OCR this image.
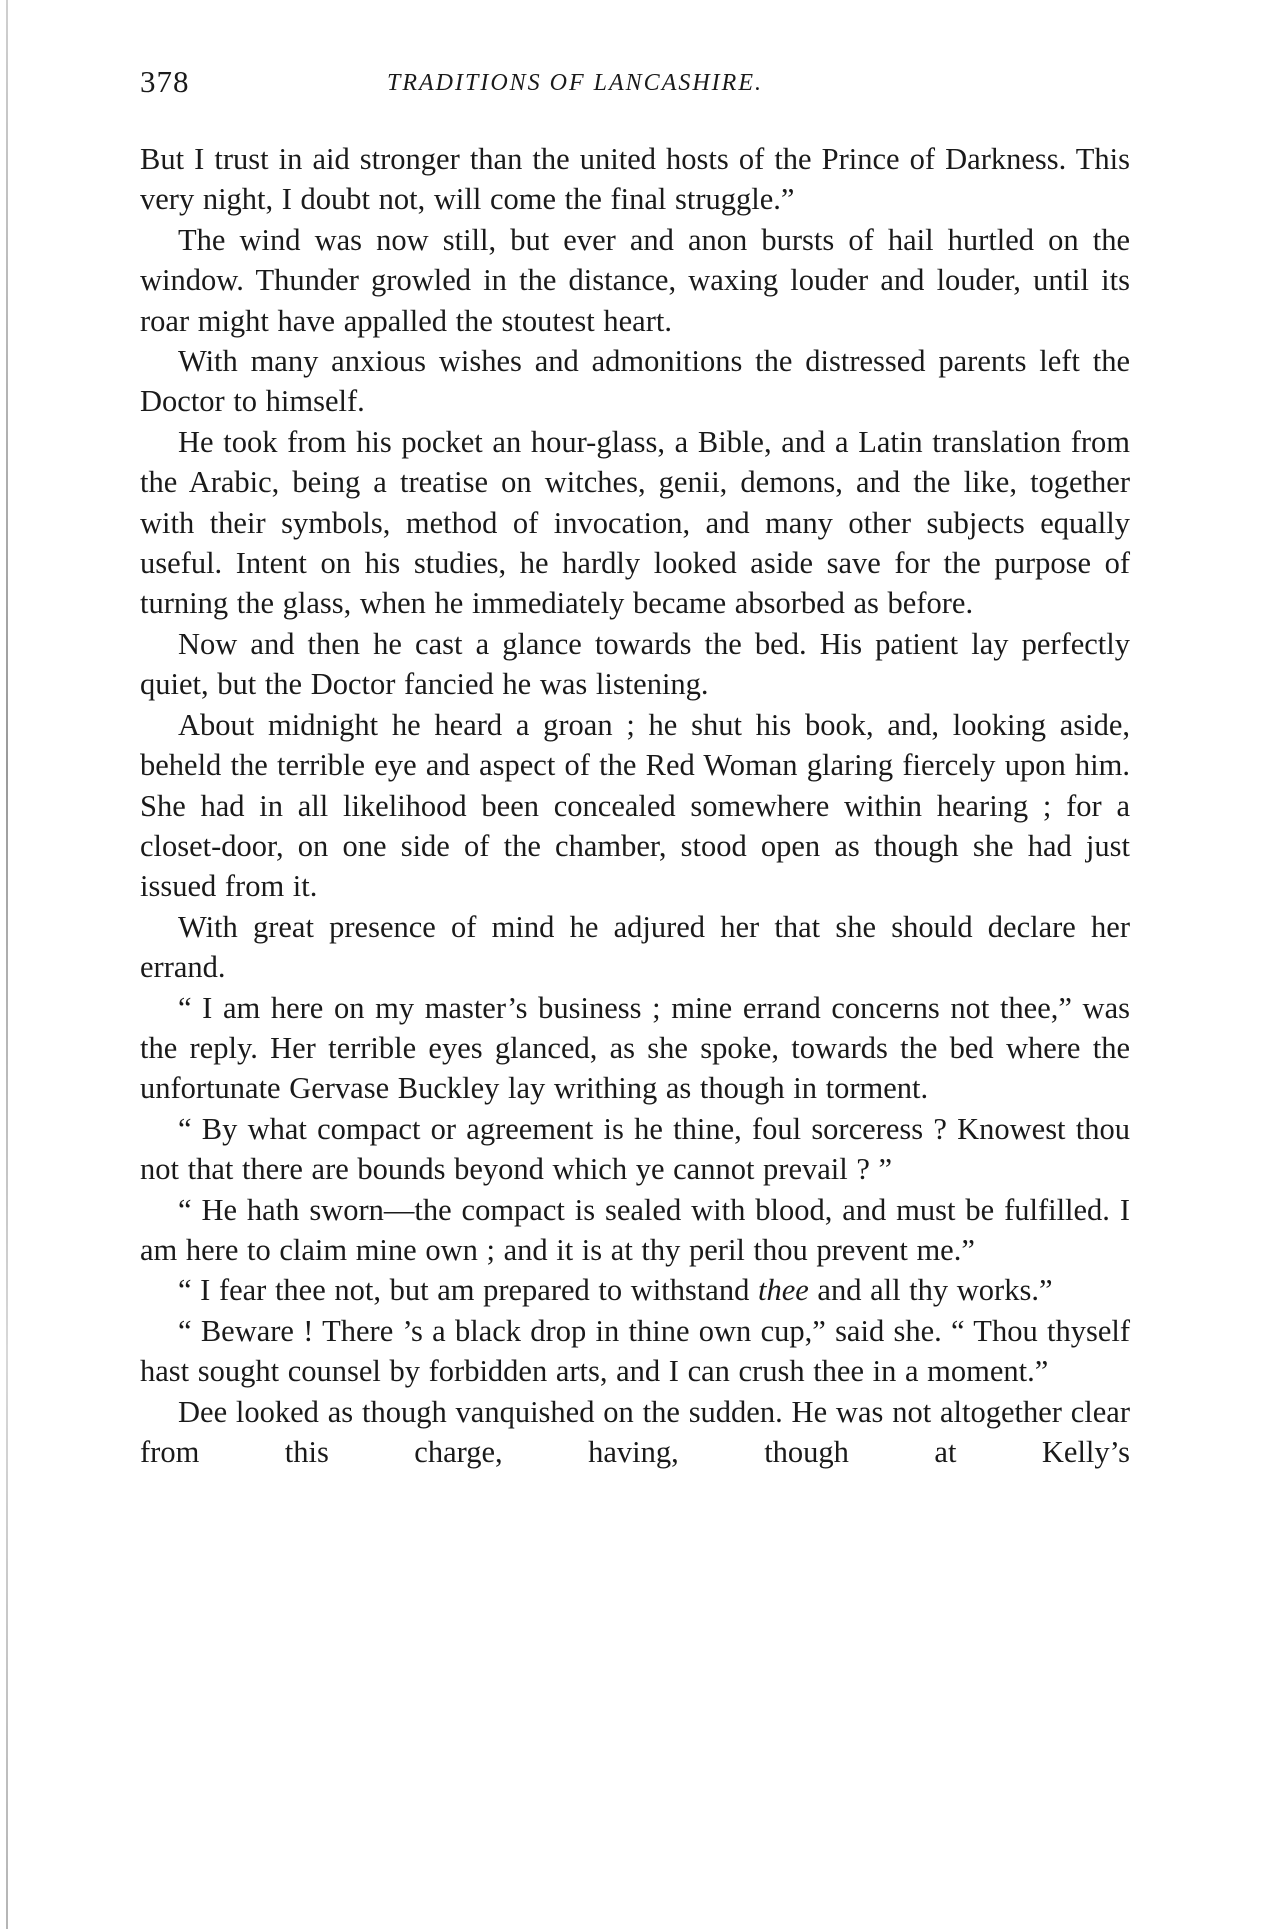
378	TRADITIONS OF LANCASHIRE.

But I trust in aid stronger than the united hosts of the Prince of Darkness. This very night, I doubt not, will come the final struggle.”

The wind was now still, but ever and anon bursts of hail hurtled on the window. Thunder growled in the distance, waxing louder and louder, until its roar might have appalled the stoutest heart.

With many anxious wishes and admonitions the distressed parents left the Doctor to himself.

He took from his pocket an hour-glass, a Bible, and a Latin translation from the Arabic, being a treatise on witches, genii, demons, and the like, together with their symbols, method of invocation, and many other subjects equally useful. Intent on his studies, he hardly looked aside save for the purpose of turning the glass, when he immediately became absorbed as before.

Now and then he cast a glance towards the bed. His patient lay perfectly quiet, but the Doctor fancied he was listening.

About midnight he heard a groan ; he shut his book, and, looking aside, beheld the terrible eye and aspect of the Red Woman glaring fiercely upon him. She had in all likelihood been concealed somewhere within hearing ; for a closet-door, on one side of the chamber, stood open as though she had just issued from it.

With great presence of mind he adjured her that she should declare her errand.

“ I am here on my master’s business ; mine errand concerns not thee,” was the reply. Her terrible eyes glanced, as she spoke, towards the bed where the unfortunate Gervase Buckley lay writhing as though in torment.

“ By what compact or agreement is he thine, foul sorceress ? Knowest thou not that there are bounds beyond which ye cannot prevail ? ”

“ He hath sworn—the compact is sealed with blood, and must be fulfilled. I am here to claim mine own ; and it is at thy peril thou prevent me.”

“ I fear thee not, but am prepared to withstand thee and all thy works.”

“ Beware ! There ’s a black drop in thine own cup,” said she. “ Thou thyself hast sought counsel by forbidden arts, and I can crush thee in a moment.”

Dee looked as though vanquished on the sudden. He was not altogether clear from this charge, having, though at Kelly’s
